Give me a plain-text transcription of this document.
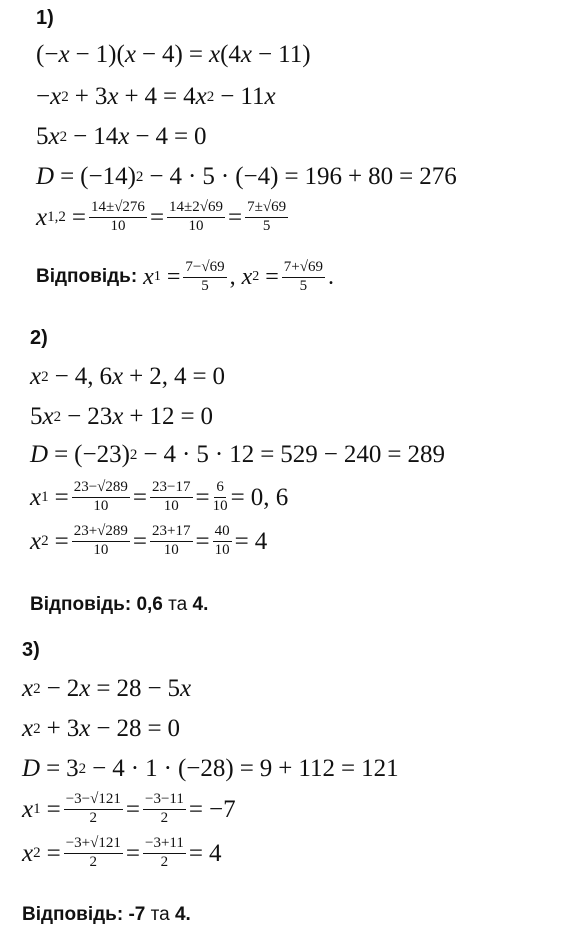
1)
(− x − 1)( x − 4) = x (4 x − 11)
− x 2 + 3 x + 4 = 4 x 2 − 11 x
5 x 2 − 14 x − 4 = 0
D = (−14) 2 − 4 · 5 · (−4) = 196 + 80 = 276
x $1,2 = \frac{14\pm√276}{10} = \frac{14\pm 2√69}{10} = \frac{7\pm√69}{5}$
Відповідь: x $1 = \frac{7-√69}{5}$ , x $2 = \frac{7+√69}{5}$ .
2)
x 2 − 4, 6 x + 2, 4 = 0
5 x 2 − 23 x + 12 = 0
D = (−23) 2 − 4 · 5 · 12 = 529 − 240 = 289
x $1 = \frac{23-√289}{10} = \frac{23-17}{10} = \frac{6}{10} = 0$, 6
x $2 = \frac{23+√289}{10} = \frac{23+17}{10} = \frac{40}{10} = 4$
Відповідь:
0,6
та
4.
3)
x 2 − 2 x = 28 − 5 x
x 2 + 3 x − 28 = 0
D = 3 2 − 4 · 1 · (−28) = 9 + 112 = 121
x $1 = \frac{-3-√121}{2} = \frac{-3-11}{2} = -7$
x $2 = \frac{-3+√121}{2} = \frac{-3+11}{2} = 4$
Відповідь:
-7
та
4.
